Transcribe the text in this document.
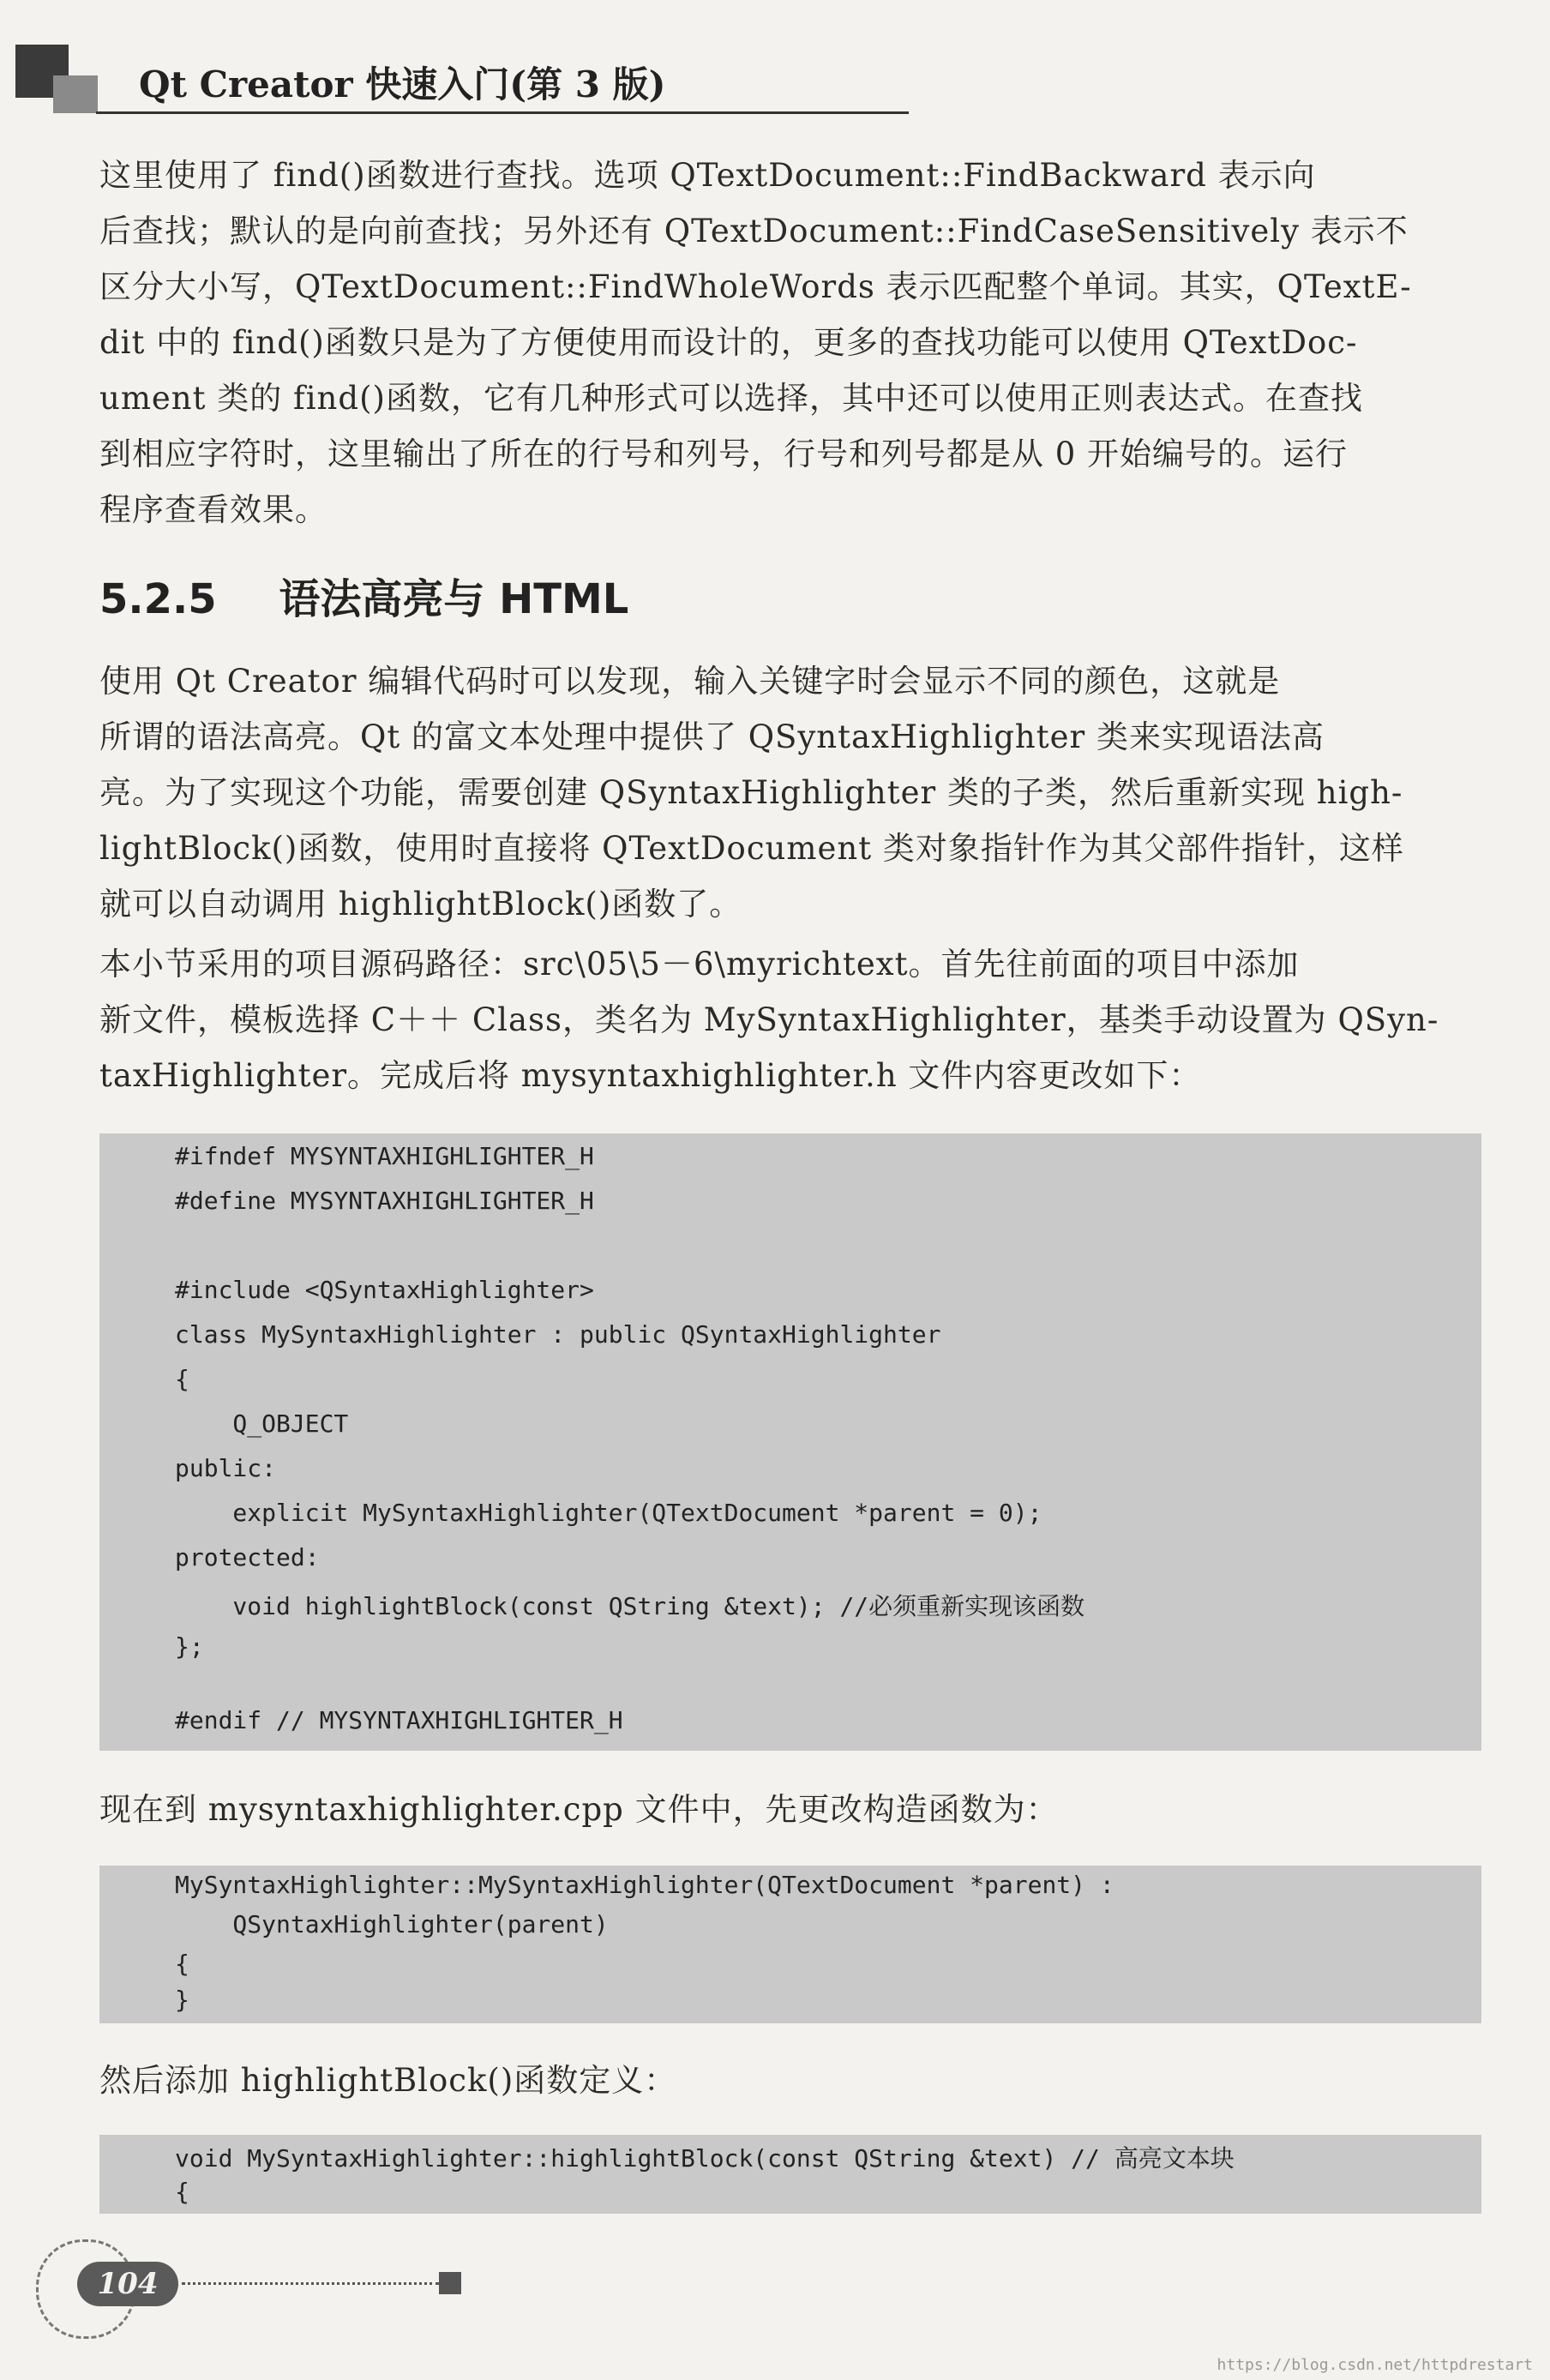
Qt Creator 快速入门(第 3 版)
这里使用了 find()函数进行查找。选项 QTextDocument::FindBackward 表示向
后查找；默认的是向前查找；另外还有 QTextDocument::FindCaseSensitively 表示不
区分大小写，QTextDocument::FindWholeWords 表示匹配整个单词。其实，QTextE-
dit 中的 find()函数只是为了方便使用而设计的，更多的查找功能可以使用 QTextDoc-
ument 类的 find()函数，它有几种形式可以选择，其中还可以使用正则表达式。在查找
到相应字符时，这里输出了所在的行号和列号，行号和列号都是从 0 开始编号的。运行
程序查看效果。
5.2.5 语法高亮与 HTML
使用 Qt Creator 编辑代码时可以发现，输入关键字时会显示不同的颜色，这就是
所谓的语法高亮。Qt 的富文本处理中提供了 QSyntaxHighlighter 类来实现语法高
亮。为了实现这个功能，需要创建 QSyntaxHighlighter 类的子类，然后重新实现 high-
lightBlock()函数，使用时直接将 QTextDocument 类对象指针作为其父部件指针，这样
就可以自动调用 highlightBlock()函数了。
本小节采用的项目源码路径：src\05\5－6\myrichtext。首先往前面的项目中添加
新文件，模板选择 C＋＋ Class，类名为 MySyntaxHighlighter，基类手动设置为 QSyn-
taxHighlighter。完成后将 mysyntaxhighlighter.h 文件内容更改如下：
#ifndef MYSYNTAXHIGHLIGHTER_H
#define MYSYNTAXHIGHLIGHTER_H
#include <QSyntaxHighlighter>
class MySyntaxHighlighter : public QSyntaxHighlighter
{
Q_OBJECT
public:
explicit MySyntaxHighlighter(QTextDocument *parent = 0);
protected:
void highlightBlock(const QString &text); //必须重新实现该函数
};
#endif // MYSYNTAXHIGHLIGHTER_H
现在到 mysyntaxhighlighter.cpp 文件中，先更改构造函数为：
MySyntaxHighlighter::MySyntaxHighlighter(QTextDocument *parent) :
QSyntaxHighlighter(parent)
{
}
然后添加 highlightBlock()函数定义：
void MySyntaxHighlighter::highlightBlock(const QString &text) // 高亮文本块
{
104
https://blog.csdn.net/httpdrestart
